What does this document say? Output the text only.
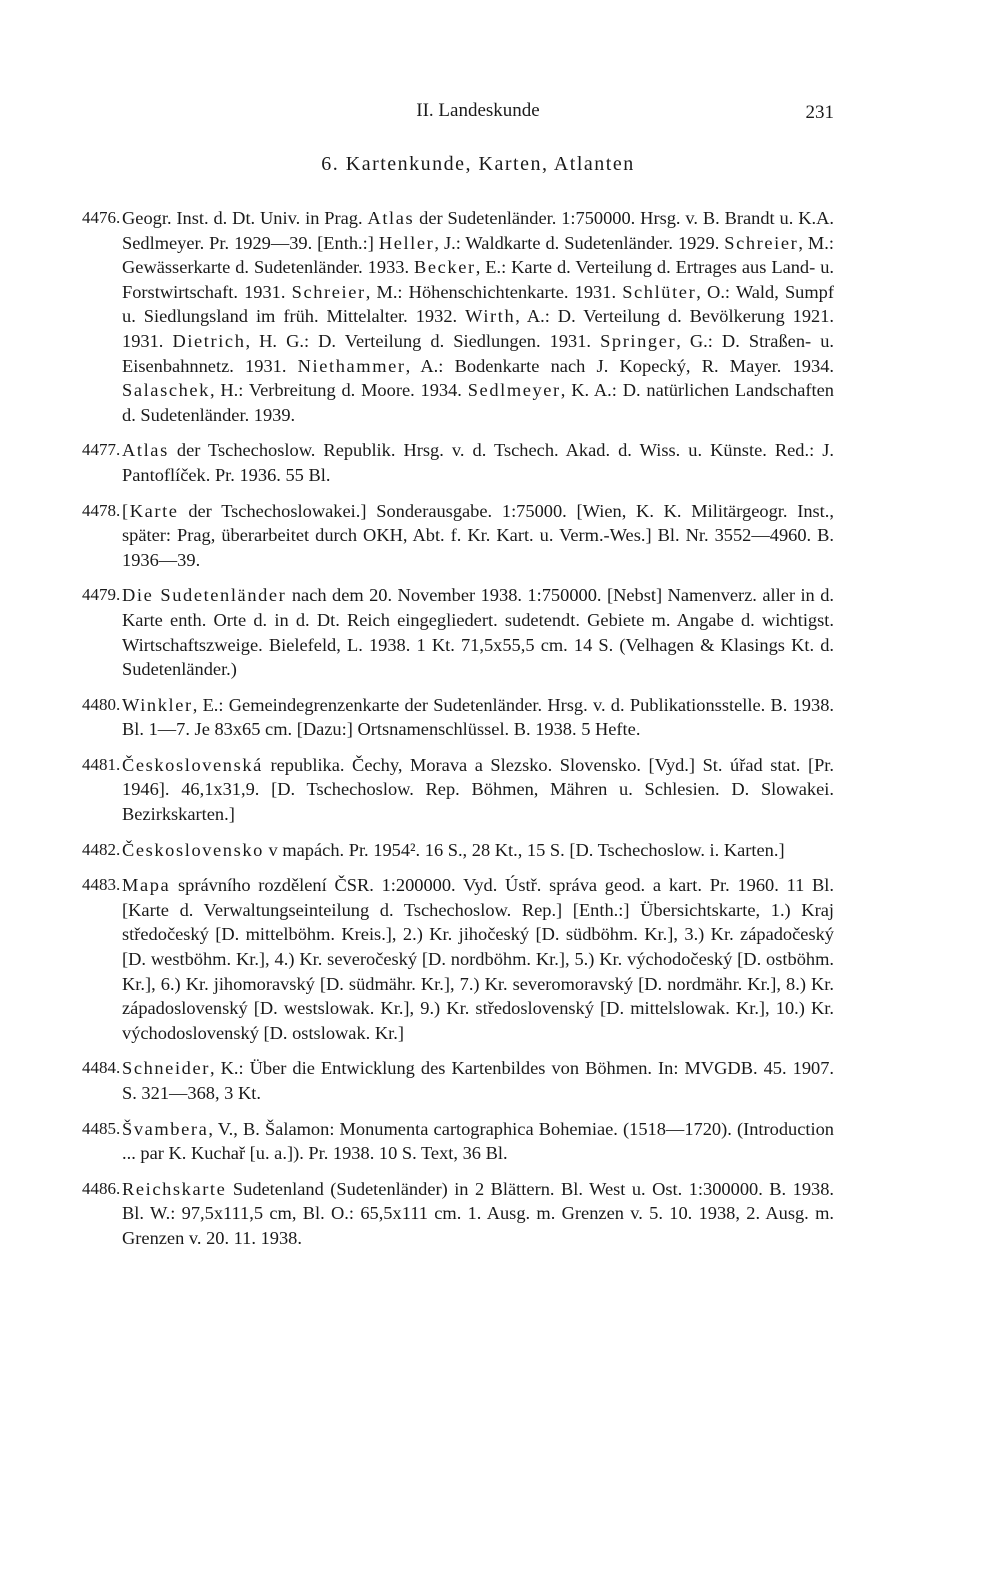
II. Landeskunde	231
6. Kartenkunde, Karten, Atlanten
4476. Geogr. Inst. d. Dt. Univ. in Prag. Atlas der Sudetenländer. 1:750000. Hrsg. v. B. Brandt u. K.A. Sedlmeyer. Pr. 1929—39. [Enth.:] Heller, J.: Waldkarte d. Sudetenländer. 1929. Schreier, M.: Gewässerkarte d. Sudetenländer. 1933. Becker, E.: Karte d. Verteilung d. Ertrages aus Land- u. Forstwirtschaft. 1931. Schreier, M.: Höhenschichtenkarte. 1931. Schlüter, O.: Wald, Sumpf u. Siedlungsland im früh. Mittelalter. 1932. Wirth, A.: D. Verteilung d. Bevölkerung 1921. 1931. Dietrich, H. G.: D. Verteilung d. Siedlungen. 1931. Springer, G.: D. Straßen- u. Eisenbahnnetz. 1931. Niethammer, A.: Bodenkarte nach J. Kopecký, R. Mayer. 1934. Salaschek, H.: Verbreitung d. Moore. 1934. Sedlmeyer, K. A.: D. natürlichen Landschaften d. Sudetenländer. 1939.
4477. Atlas der Tschechoslow. Republik. Hrsg. v. d. Tschech. Akad. d. Wiss. u. Künste. Red.: J. Pantoflíček. Pr. 1936. 55 Bl.
4478. [Karte der Tschechoslowakei.] Sonderausgabe. 1:75000. [Wien, K. K. Militärgeogr. Inst., später: Prag, überarbeitet durch OKH, Abt. f. Kr. Kart. u. Verm.-Wes.] Bl. Nr. 3552—4960. B. 1936—39.
4479. Die Sudetenländer nach dem 20. November 1938. 1:750000. [Nebst] Namenverz. aller in d. Karte enth. Orte d. in d. Dt. Reich eingegliedert. sudetendt. Gebiete m. Angabe d. wichtigst. Wirtschaftszweige. Bielefeld, L. 1938. 1 Kt. 71,5x55,5 cm. 14 S. (Velhagen & Klasings Kt. d. Sudetenländer.)
4480. Winkler, E.: Gemeindegrenzenkarte der Sudetenländer. Hrsg. v. d. Publikationsstelle. B. 1938. Bl. 1—7. Je 83x65 cm. [Dazu:] Ortsnamenschlüssel. B. 1938. 5 Hefte.
4481. Československá republika. Čechy, Morava a Slezsko. Slovensko. [Vyd.] St. úřad stat. [Pr. 1946]. 46,1x31,9. [D. Tschechoslow. Rep. Böhmen, Mähren u. Schlesien. D. Slowakei. Bezirkskarten.]
4482. Československo v mapách. Pr. 1954². 16 S., 28 Kt., 15 S. [D. Tschechoslow. i. Karten.]
4483. Mapa správního rozdělení ČSR. 1:200000. Vyd. Ústř. správa geod. a kart. Pr. 1960. 11 Bl. [Karte d. Verwaltungseinteilung d. Tschechoslow. Rep.] [Enth.:] Übersichtskarte, 1.) Kraj středočeský [D. mittelböhm. Kreis.], 2.) Kr. jihočeský [D. südböhm. Kr.], 3.) Kr. západočeský [D. westböhm. Kr.], 4.) Kr. severočeský [D. nordböhm. Kr.], 5.) Kr. východočeský [D. ostböhm. Kr.], 6.) Kr. jihomoravský [D. südmähr. Kr.], 7.) Kr. severomoravský [D. nordmähr. Kr.], 8.) Kr. západoslovenský [D. westslowak. Kr.], 9.) Kr. středoslovenský [D. mittelslowak. Kr.], 10.) Kr. východoslovenský [D. ostslowak. Kr.]
4484. Schneider, K.: Über die Entwicklung des Kartenbildes von Böhmen. In: MVGDB. 45. 1907. S. 321—368, 3 Kt.
4485. Švambera, V., B. Šalamon: Monumenta cartographica Bohemiae. (1518—1720). (Introduction ... par K. Kuchař [u. a.]). Pr. 1938. 10 S. Text, 36 Bl.
4486. Reichskarte Sudetenland (Sudetenländer) in 2 Blättern. Bl. West u. Ost. 1:300000. B. 1938. Bl. W.: 97,5x111,5 cm, Bl. O.: 65,5x111 cm. 1. Ausg. m. Grenzen v. 5. 10. 1938, 2. Ausg. m. Grenzen v. 20. 11. 1938.
